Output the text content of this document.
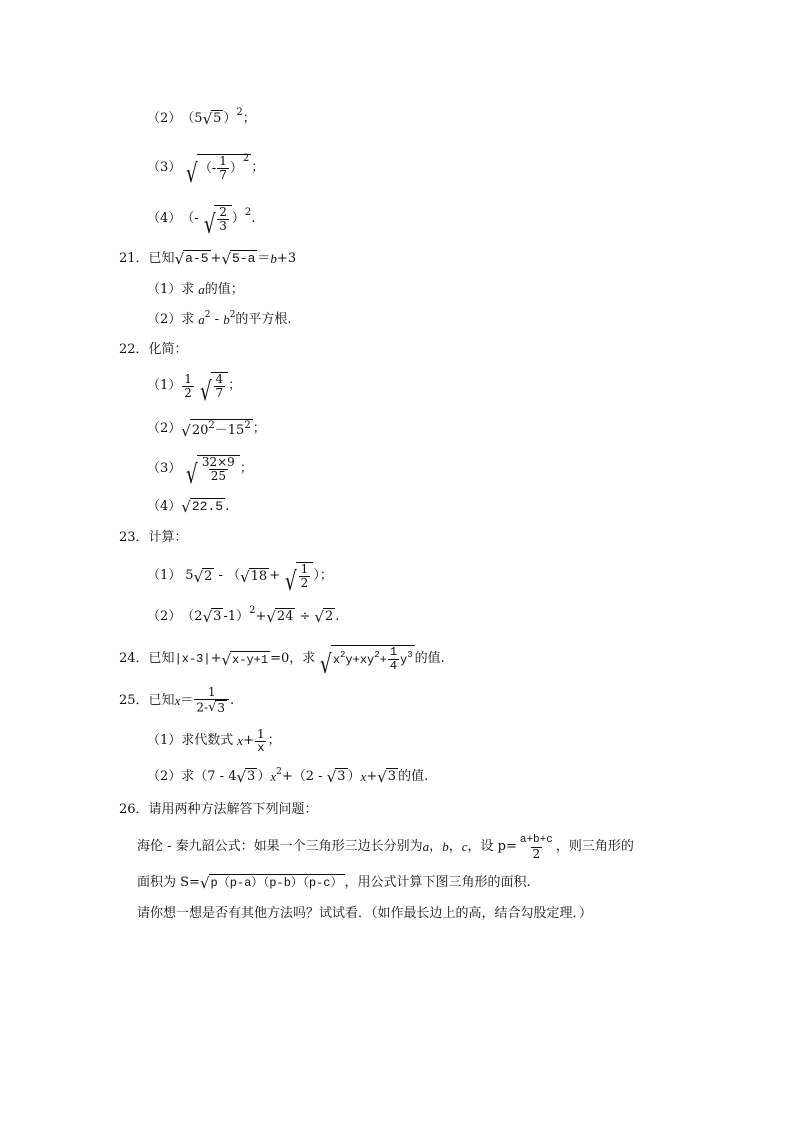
（2） （5 √ 5 ）$^2$ ；
（3） √ （- $\frac{1}{7}$ ）
$^2$
；
（4） （- √ $\frac{2}{3} )^2$ .
21． 已知 √ a-5 + √ 5-a ＝ b +3
（1）求 a 的值；
（2）求 $a^2 - b^2$ 的平方根.
22． 化简：
$(1) \frac{1}{2}$ √ $\frac{4}{7}$ ；
（2） √ $20^2 -15^2$ ；
（3） √ $\frac{32\times 9}{25}$ ；
（4） √ 22.5 .
23． 计算：
（1） 5 √ 2 - （ √ 18 + √ $\frac{1}{2}$ ）；
（2） （2 √ 3 -1）$^2$ + √ 24 ÷ √ 2 .
24． 已知 |x-3| + √ x-y+1 =0，求 √ $x^2$ $y+xy^2 + \frac{1}{4} y^3$ 的值.
25． 已知 $x = \frac{1}{2- √ 3}$ .
（1）求代数式 $x + \frac{1}{x}$ ；
（2）求（7 - 4 √ 3 ） $x^2 +(2$ - √ 3 ） x + √ 3 的值.
26． 请用两种方法解答下列问题：
海伦 - 秦九韶公式：如果一个三角形三边长分别为 a ， b ， c ，设 $p= \frac{a+b+c}{2}$ ，则三角形的
面积为 S= √ p（p-a）（p-b）（p-c） ，用公式计算下图三角形的面积.
请你想一想是否有其他方法吗？试试看．（如作最长边上的高，结合勾股定理．）
